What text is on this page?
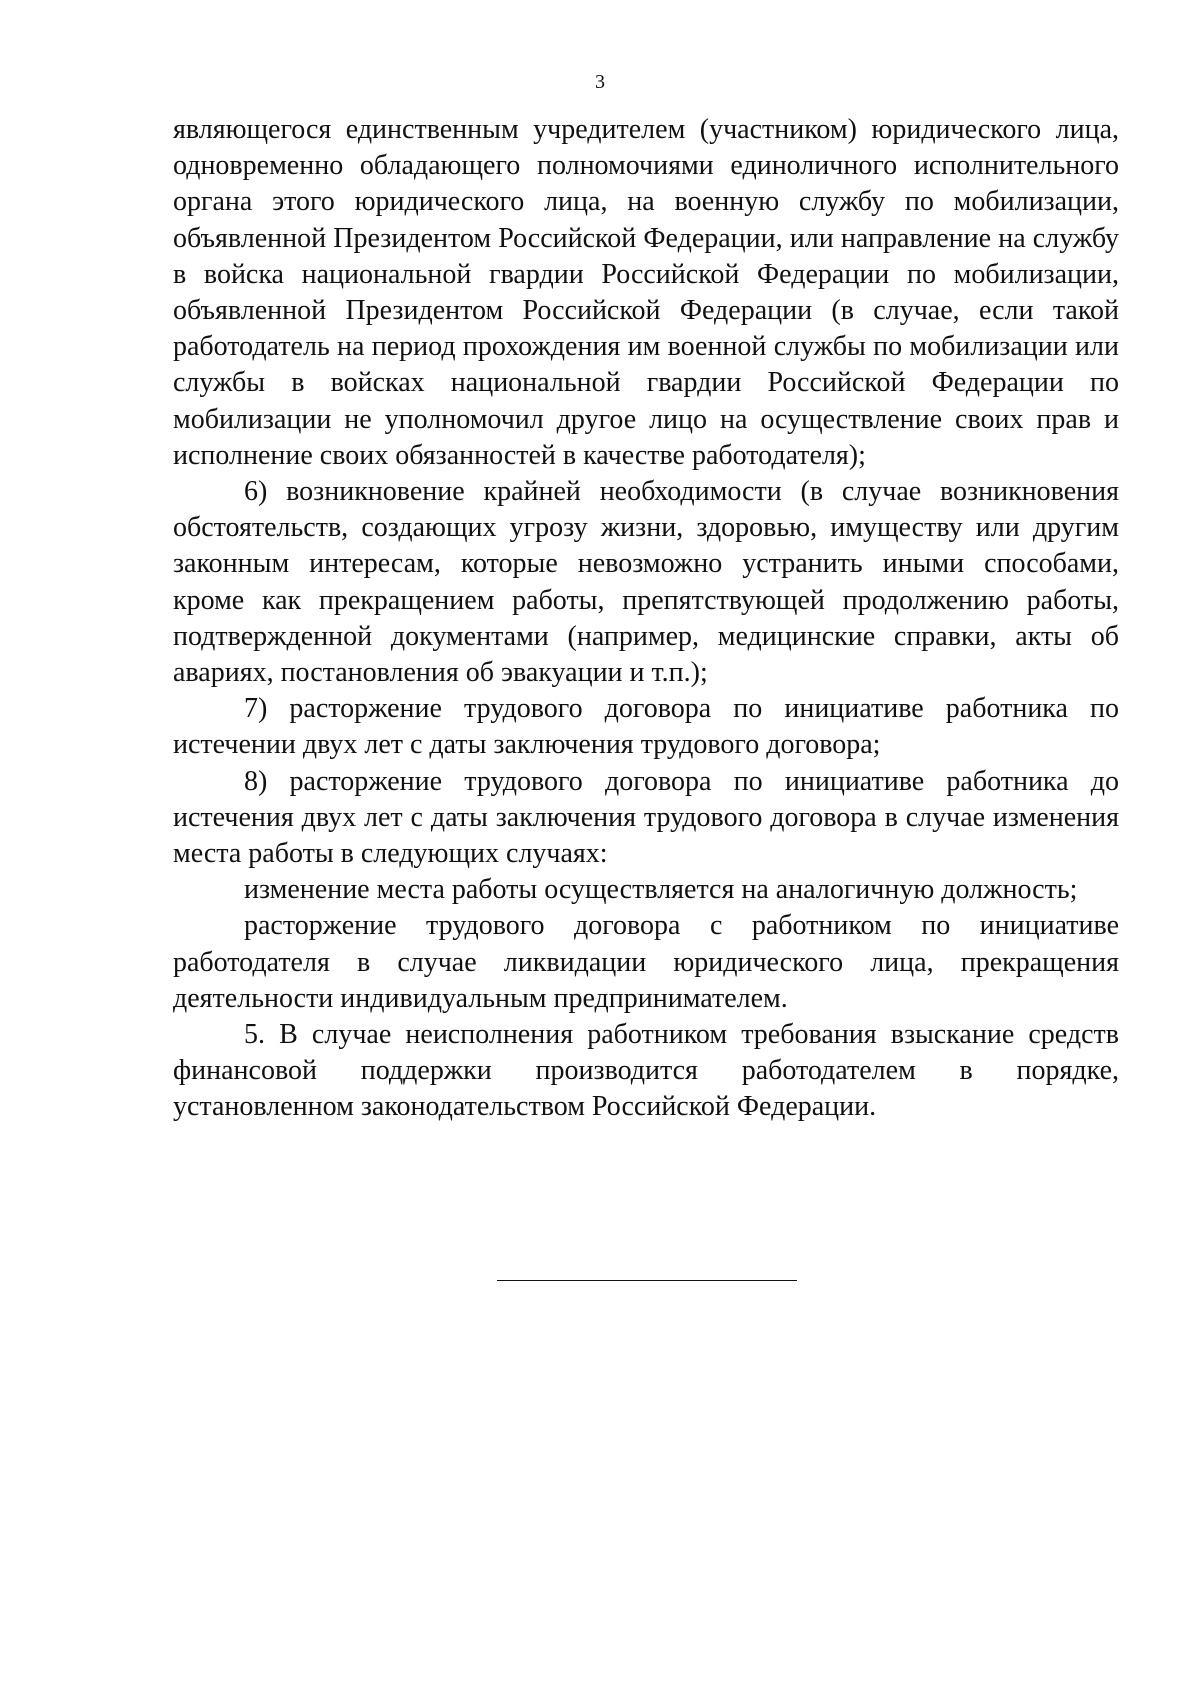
3

являющегося единственным учредителем (участником) юридического лица, одновременно обладающего полномочиями единоличного исполнительного органа этого юридического лица, на военную службу по мобилизации, объявленной Президентом Российской Федерации, или направление на службу в войска национальной гвардии Российской Федерации по мобилизации, объявленной Президентом Российской Федерации (в случае, если такой работодатель на период прохождения им военной службы по мобилизации или службы в войсках национальной гвардии Российской Федерации по мобилизации не уполномочил другое лицо на осуществление своих прав и исполнение своих обязанностей в качестве работодателя);

6) возникновение крайней необходимости (в случае возникновения обстоятельств, создающих угрозу жизни, здоровью, имуществу или другим законным интересам, которые невозможно устранить иными способами, кроме как прекращением работы, препятствующей продолжению работы, подтвержденной документами (например, медицинские справки, акты об авариях, постановления об эвакуации и т.п.);

7) расторжение трудового договора по инициативе работника по истечении двух лет с даты заключения трудового договора;

8) расторжение трудового договора по инициативе работника до истечения двух лет с даты заключения трудового договора в случае изменения места работы в следующих случаях:

изменение места работы осуществляется на аналогичную должность;

расторжение трудового договора с работником по инициативе работодателя в случае ликвидации юридического лица, прекращения деятельности индивидуальным предпринимателем.

5. В случае неисполнения работником требования взыскание средств финансовой поддержки производится работодателем в порядке, установленном законодательством Российской Федерации.
